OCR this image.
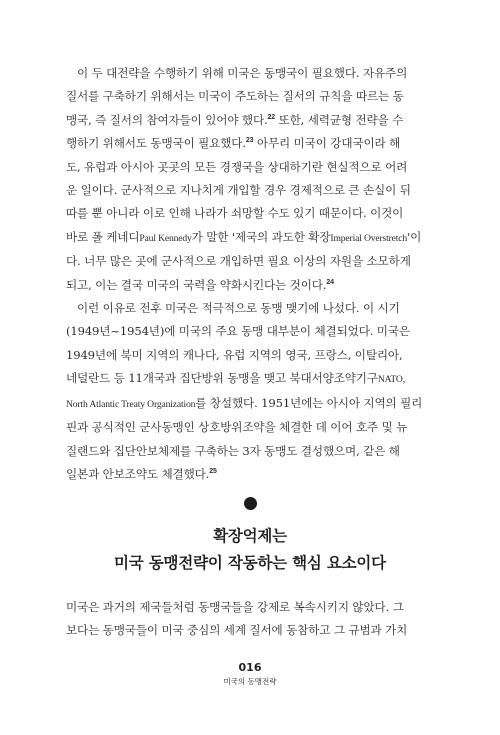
이 두 대전략을 수행하기 위해 미국은 동맹국이 필요했다. 자유주의
질서를 구축하기 위해서는 미국이 주도하는 질서의 규칙을 따르는 동
맹국, 즉 질서의 참여자들이 있어야 했다.$^{22}$ 또한, 세력균형 전략을 수
행하기 위해서도 동맹국이 필요했다.$^{23}$ 아무리 미국이 강대국이라 해
도, 유럽과 아시아 곳곳의 모든 경쟁국을 상대하기란 현실적으로 어려
운 일이다. 군사적으로 지나치게 개입할 경우 경제적으로 큰 손실이 뒤
따를 뿐 아니라 이로 인해 나라가 쇠망할 수도 있기 때문이다. 이것이
바로 폴 케네디Paul Kennedy가 말한 '제국의 과도한 확장Imperial Overstretch'이
다. 너무 많은 곳에 군사적으로 개입하면 필요 이상의 자원을 소모하게
되고, 이는 결국 미국의 국력을 약화시킨다는 것이다.$^{24}$

이런 이유로 전후 미국은 적극적으로 동맹 맺기에 나섰다. 이 시기
(1949년~1954년)에 미국의 주요 동맹 대부분이 체결되었다. 미국은
1949년에 북미 지역의 캐나다, 유럽 지역의 영국, 프랑스, 이탈리아,
네덜란드 등 11개국과 집단방위 동맹을 맺고 북대서양조약기구NATO,
North Atlantic Treaty Organization를 창설했다. 1951년에는 아시아 지역의 필리
핀과 공식적인 군사동맹인 상호방위조약을 체결한 데 이어 호주 및 뉴
질랜드와 집단안보체제를 구축하는 3자 동맹도 결성했으며, 같은 해
일본과 안보조약도 체결했다.$^{25}$

확장억제는
미국 동맹전략이 작동하는 핵심 요소이다
미국은 과거의 제국들처럼 동맹국들을 강제로 복속시키지 않았다. 그
보다는 동맹국들이 미국 중심의 세계 질서에 동참하고 그 규범과 가치
016
미국의 동맹전략
